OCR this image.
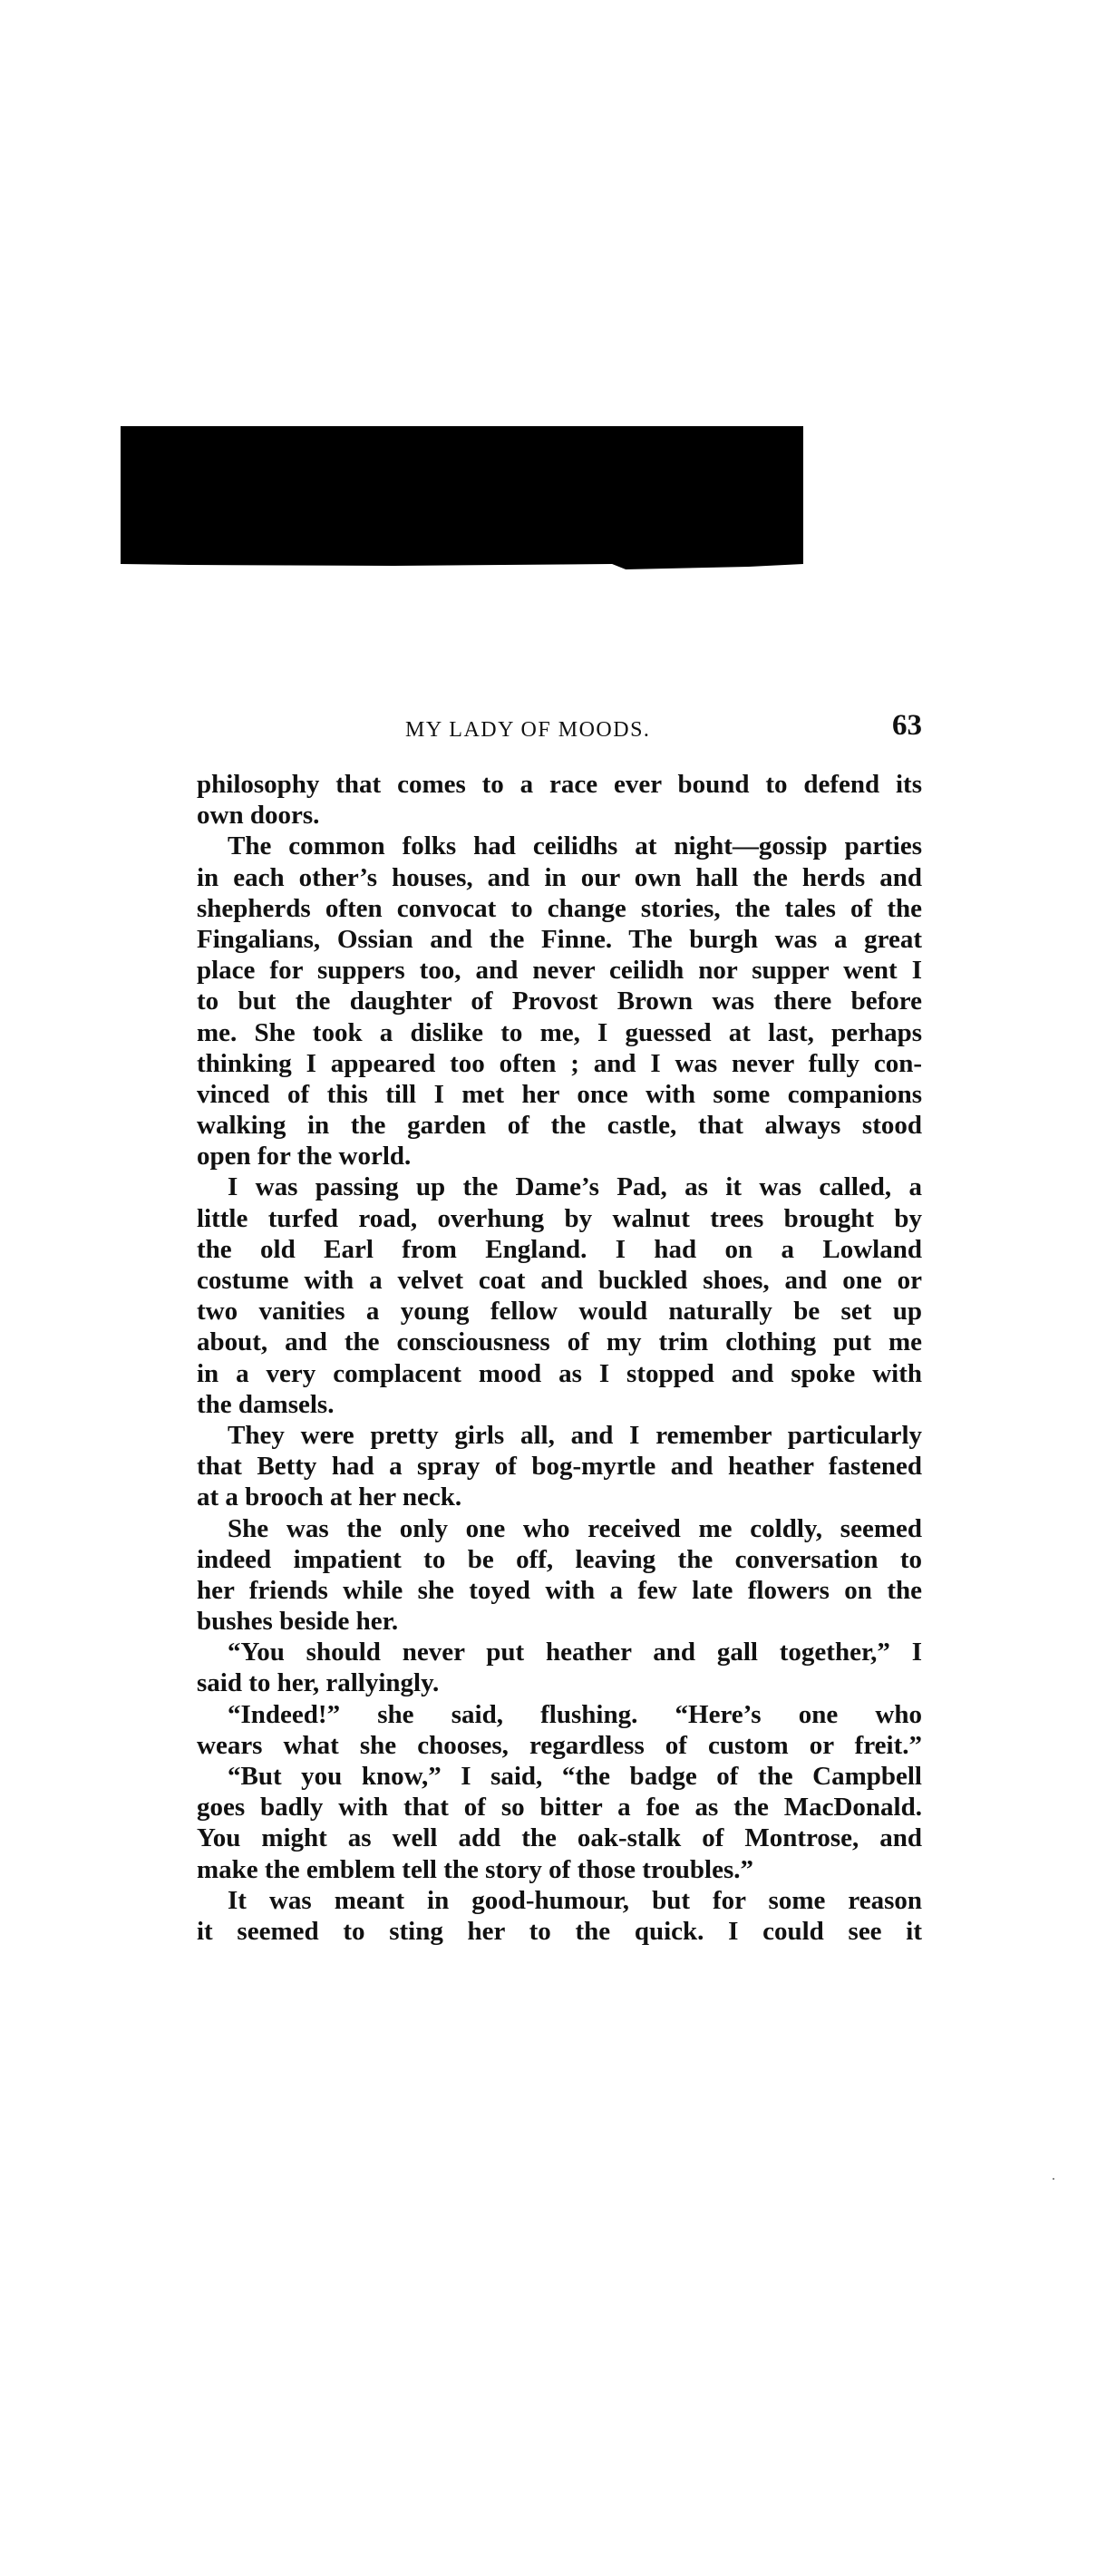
MY LADY OF MOODS.	63
philosophy that comes to a race ever bound to defend its
own doors.
The common folks had ceilidhs at night—gossip parties
in each other’s houses, and in our own hall the herds and
shepherds often convocat to change stories, the tales of the
Fingalians, Ossian and the Finne. The burgh was a great
place for suppers too, and never ceilidh nor supper went I
to but the daughter of Provost Brown was there before
me. She took a dislike to me, I guessed at last, perhaps
thinking I appeared too often ; and I was never fully con-
vinced of this till I met her once with some companions
walking in the garden of the castle, that always stood
open for the world.
I was passing up the Dame’s Pad, as it was called, a
little turfed road, overhung by walnut trees brought by
the old Earl from England. I had on a Lowland
costume with a velvet coat and buckled shoes, and one or
two vanities a young fellow would naturally be set up
about, and the consciousness of my trim clothing put me
in a very complacent mood as I stopped and spoke with
the damsels.
They were pretty girls all, and I remember particularly
that Betty had a spray of bog-myrtle and heather fastened
at a brooch at her neck.
She was the only one who received me coldly, seemed
indeed impatient to be off, leaving the conversation to
her friends while she toyed with a few late flowers on the
bushes beside her.
“You should never put heather and gall together,” I
said to her, rallyingly.
“Indeed!” she said, flushing. “Here’s one who
wears what she chooses, regardless of custom or freit.”
“But you know,” I said, “the badge of the Campbell
goes badly with that of so bitter a foe as the MacDonald.
You might as well add the oak-stalk of Montrose, and
make the emblem tell the story of those troubles.”
It was meant in good-humour, but for some reason
it seemed to sting her to the quick. I could see it
